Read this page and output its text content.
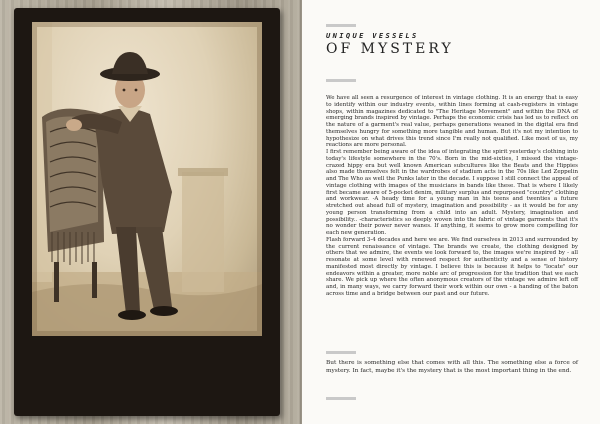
UNIQUE VESSELS
OF MYSTERY

We have all seen a resurgence of interest in vintage clothing. It is an energy that is easy to identify within our industry events, within lines forming at cash-registers in vintage shops, within magazines dedicated to "The Heritage Movement" and within the DNA of emerging brands inspired by vintage. Perhaps the economic crisis has led us to reflect on the nature of a garment's real value, perhaps generations weaned in the digital era find themselves hungry for something more tangible and human. But it's not my intention to hypothesize on what drives this trend since I'm really not qualified. Like most of us, my reactions are more personal.

I first remember being aware of the idea of integrating the spirit yesterday's clothing into today's lifestyle somewhere in the 70's. Born in the mid-sixties, I missed the vintage-crazed hippy era but well known American subcultures like the Beats and the Hippies also made themselves felt in the wardrobes of stadium acts in the 70s like Led Zeppelin and The Who as well the Punks later in the decade. I suppose I still connect the appeal of vintage clothing with images of the musicians in bands like these. That is where I likely first became aware of 5-pocket denim, military surplus and repurposed "country" clothing and workwear. -A heady time for a young man in his teens and twenties a future stretched out ahead full of mystery, imagination and possibility - as it would be for any young person transforming from a child into an adult. Mystery, imagination and possibility.. -characteristics so deeply woven into the fabric of vintage garments that it's no wonder their power never wanes. If anything, it seems to grow more compelling for each new generation.

Flash forward 3-4 decades and here we are. We find ourselves in 2013 and surrounded by the current renaissance of vintage. The brands we create, the clothing designed by others that we admire, the events we look forward to, the images we're inspired by - all resonate at some level with renewed respect for authenticity and a sense of history manifested most directly by vintage. I believe this is because it helps to "locate" our endeavors within a greater, more noble arc of progression for the tradition that we each share. We pick up where the often anonymous creators of the vintage we admire left off and, in many ways, we carry forward their work within our own - a handing of the baton across time and a bridge between our past and our future.

But there is something else that comes with all this. The something else a force of mystery. In fact, maybe it's the mystery that is the most important thing in the end.
